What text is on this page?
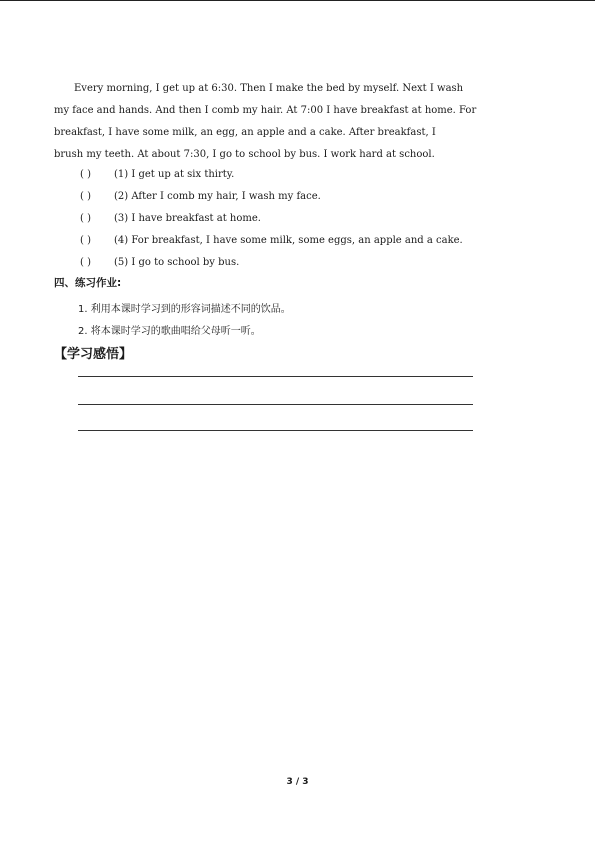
Every morning, I get up at 6:30. Then I make the bed by myself. Next I wash
my face and hands. And then I comb my hair. At 7:00 I have breakfast at home. For
breakfast, I have some milk, an egg, an apple and a cake. After breakfast, I
brush my teeth. At about 7:30, I go to school by bus. I work hard at school.
( ) (1) I get up at six thirty.
( ) (2) After I comb my hair, I wash my face.
( ) (3) I have breakfast at home.
( ) (4) For breakfast, I have some milk, some eggs, an apple and a cake.
( ) (5) I go to school by bus.
四、练习作业:
1. 利用本课时学习到的形容词描述不同的饮品。
2. 将本课时学习的歌曲唱给父母听一听。
【学习感悟】
3 / 3
